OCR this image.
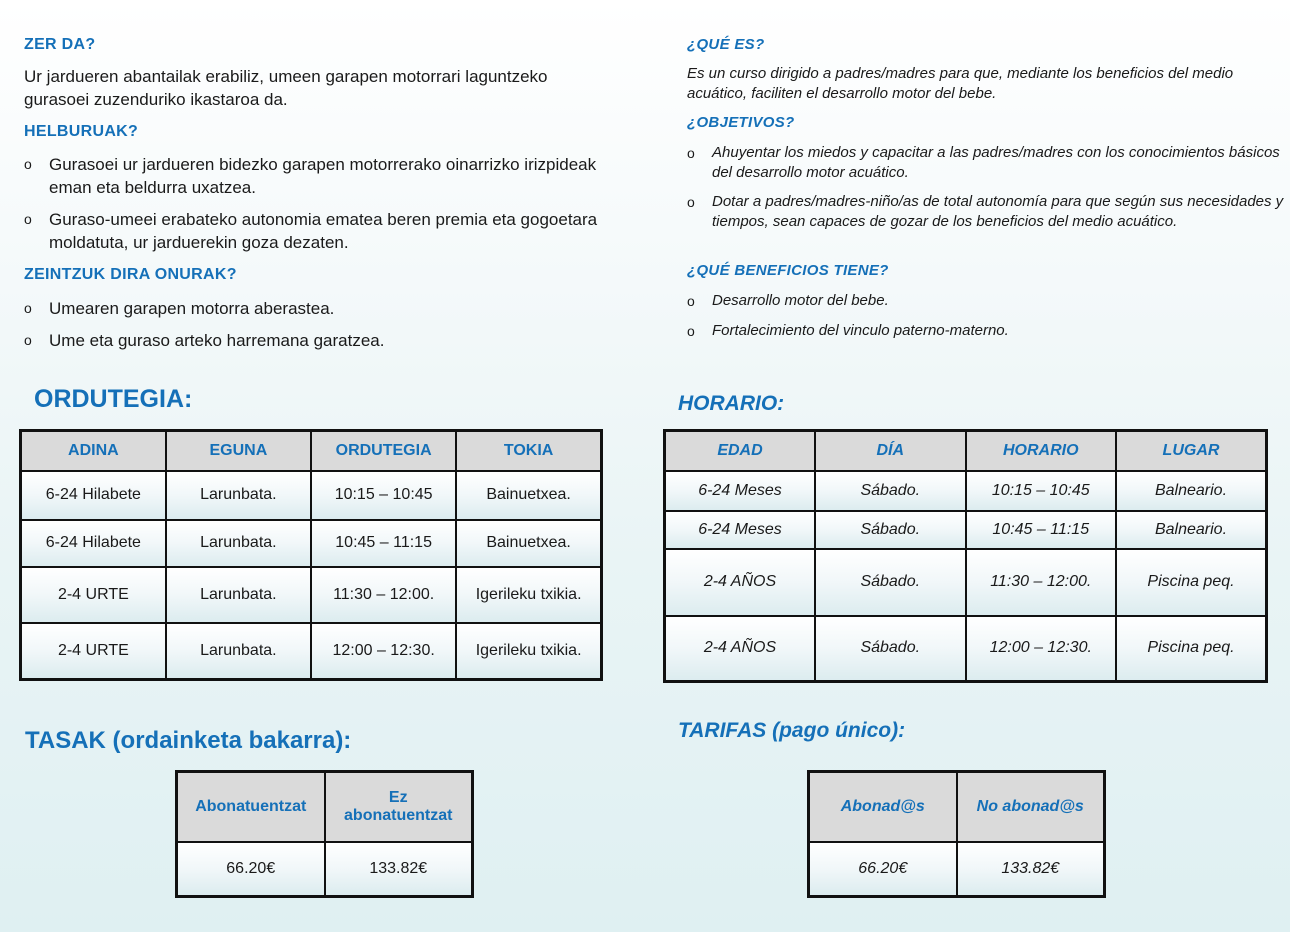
ZER DA?
Ur jardueren abantailak erabiliz, umeen garapen motorrari laguntzeko gurasoei zuzenduriko ikastaroa da.
HELBURUAK?
o Gurasoei ur jardueren bidezko garapen motorrerako oinarrizko irizpideak eman eta beldurra uxatzea.
o Guraso-umeei erabateko autonomia ematea beren premia eta gogoetara moldatuta, ur jarduerekin goza dezaten.
ZEINTZUK DIRA ONURAK?
o Umearen garapen motorra aberastea.
o Ume eta guraso arteko harremana garatzea.
¿QUÉ ES?
Es un curso dirigido a padres/madres para que, mediante los beneficios del medio acuático, faciliten el desarrollo motor del bebe.
¿OBJETIVOS?
o Ahuyentar los miedos y capacitar a las padres/madres con los conocimientos básicos del desarrollo motor acuático.
o Dotar a padres/madres-niño/as de total autonomía para que según sus necesidades y tiempos, sean capaces de gozar de los beneficios del medio acuático.
¿QUÉ BENEFICIOS TIENE?
o Desarrollo motor del bebe.
o Fortalecimiento del vinculo paterno-materno.
ORDUTEGIA:	HORARIO:
TASAK (ordainketa bakarra):	TARIFAS (pago único):
ADINA	EGUNA	ORDUTEGIA	TOKIA
6-24 Hilabete	Larunbata.	10:15 – 10:45	Bainuetxea.
6-24 Hilabete	Larunbata.	10:45 – 11:15	Bainuetxea.
2-4 URTE	Larunbata.	11:30 – 12:00.	Igerileku txikia.
2-4 URTE	Larunbata.	12:00 – 12:30.	Igerileku txikia.
EDAD	DÍA	HORARIO	LUGAR
6-24 Meses	Sábado.	10:15 – 10:45	Balneario.
6-24 Meses	Sábado.	10:45 – 11:15	Balneario.
2-4 AÑOS	Sábado.	11:30 – 12:00.	Piscina peq.
2-4 AÑOS	Sábado.	12:00 – 12:30.	Piscina peq.
Abonatuentzat	Ez abonatuentzat
66.20€	133.82€
Abonad@s	No abonad@s
66.20€	133.82€
